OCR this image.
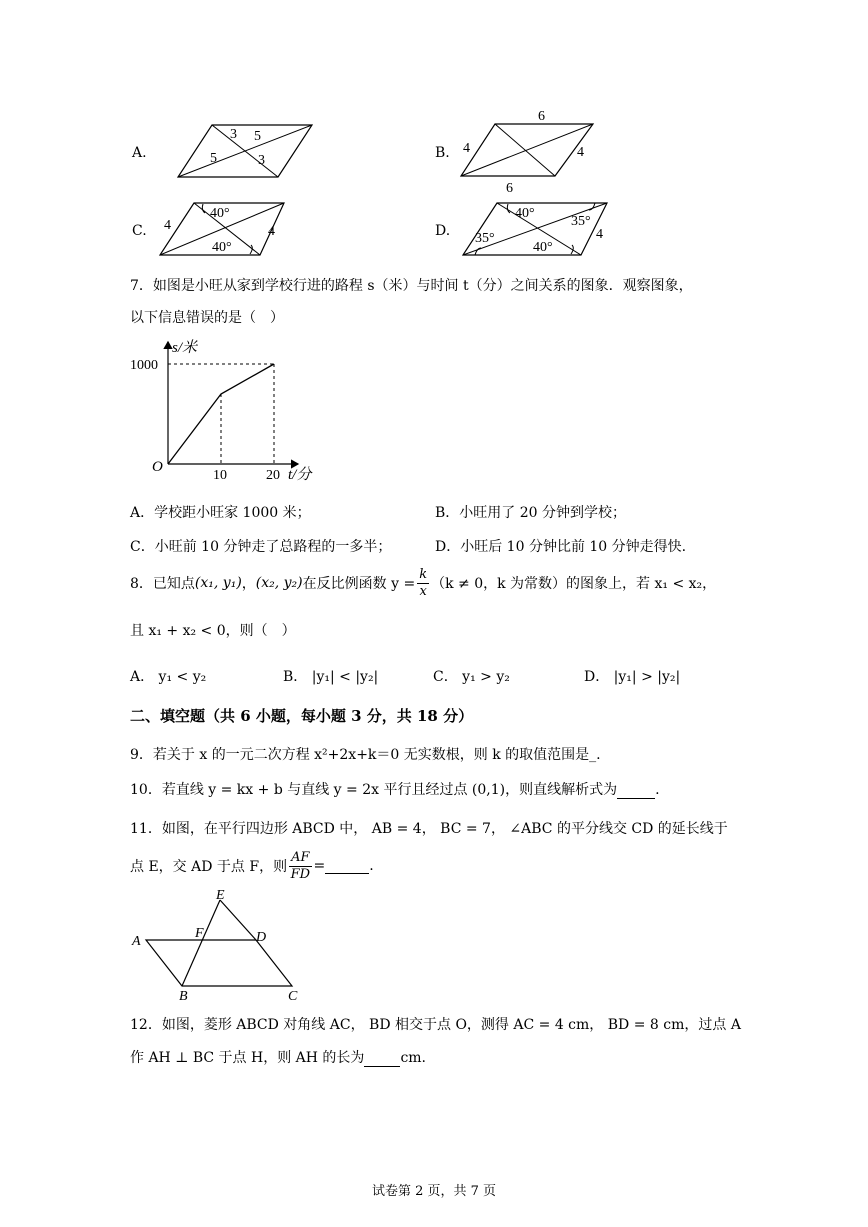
A.
3 5
5	3	B.
6
4	4
6
C. 4
40°
40°
4	D.
40°
35°
35°
40°
4
7．如图是小旺从家到学校行进的路程 s（米）与时间 t（分）之间关系的图象．观察图象，
以下信息错误的是（　）
s/米
1000
O
10	20 t/分
A．学校距小旺家 1000 米；	B．小旺用了 20 分钟到学校；
C．小旺前 10 分钟走了总路程的一多半；	D．小旺后 10 分钟比前 10 分钟走得快.
8．已知点 (x₁, y₁) ， (x₂, y₂) 在反比例函数 $y = \frac{k}{x} (k \ne 0$，k 为常数）的图象上，若 x₁ < x₂，
且 x₁ + x₂ < 0，则（　）
A． y₁ < y₂	B． |y₁| < |y₂|	C． y₁ > y₂	D． |y₁| > |y₂|
二、填空题（共 6 小题，每小题 3 分，共 18 分）
9．若关于 x 的一元二次方程 x²+2x+k＝0 无实数根，则 k 的取值范围是_.
10．若直线 y = kx + b 与直线 y = 2x 平行且经过点 (0,1)，则直线解析式为	.
11．如图，在平行四边形 ABCD 中， AB = 4， BC = 7， ∠ABC 的平分线交 CD 的延长线于
点 E，交 AD 于点 F，则 $\frac{AF}{FD}$ =	.
E
A
F	D
B	C
12．如图，菱形 ABCD 对角线 AC， BD 相交于点 O，测得 AC = 4 cm， BD = 8 cm，过点 A
作 AH ⊥ BC 于点 H，则 AH 的长为	cm.
试卷第 2 页，共 7 页
